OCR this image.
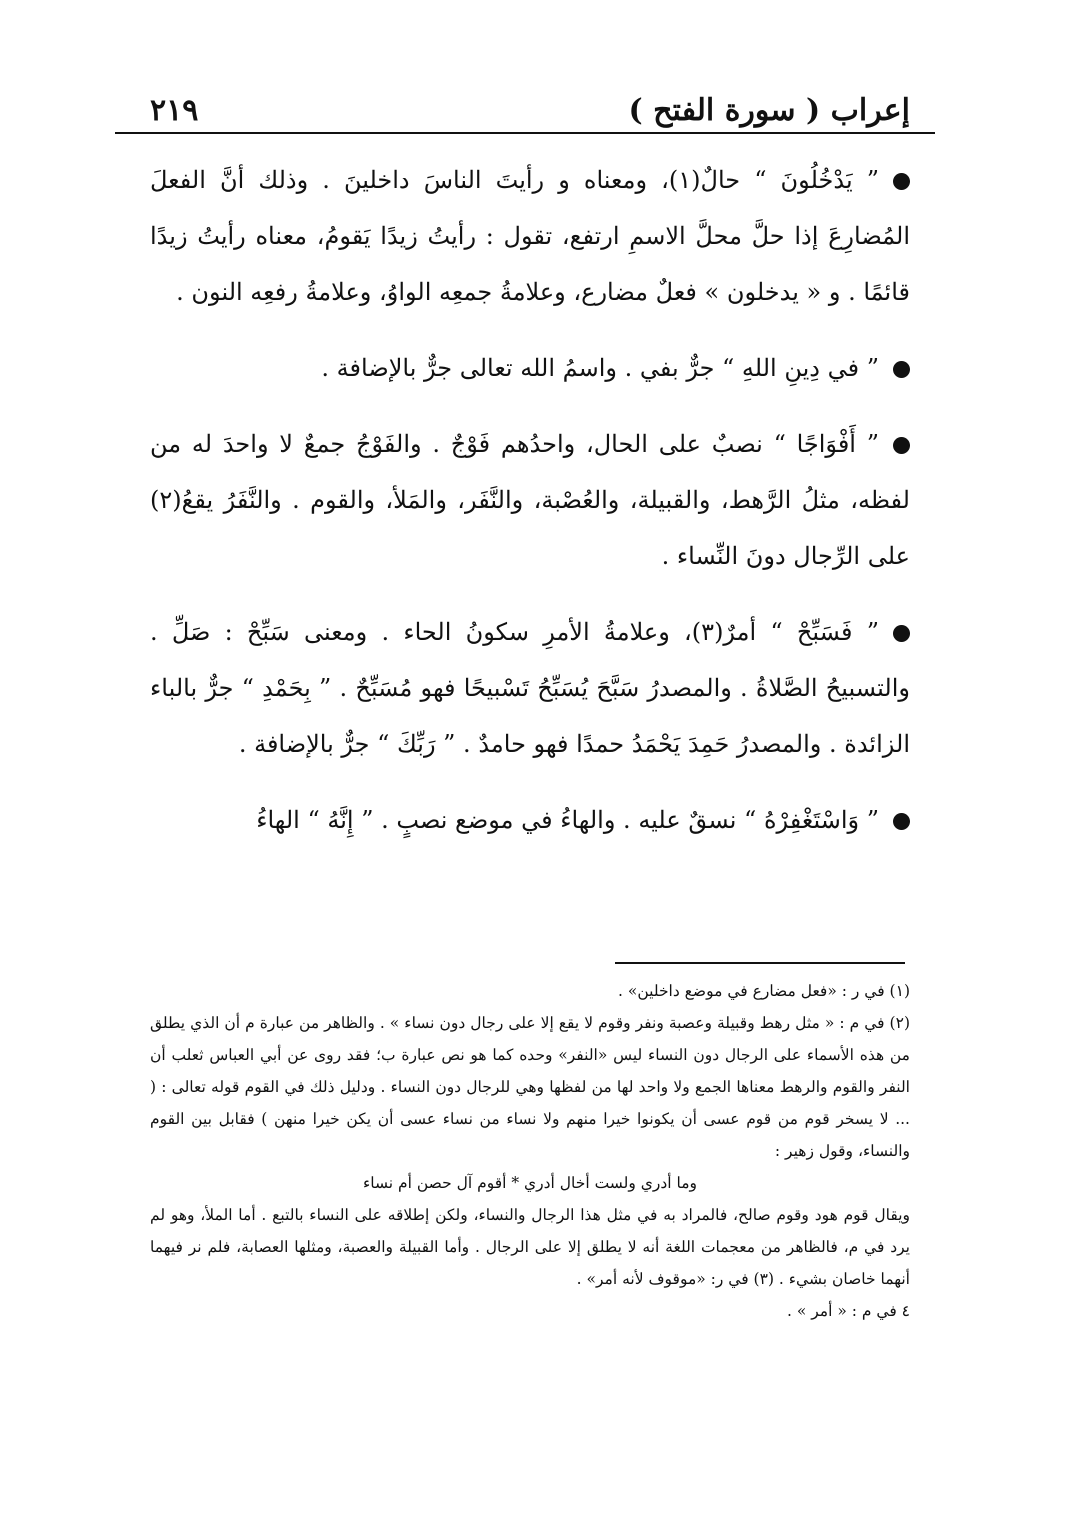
إعراب ( سورة الفتح )
٢١٩

” يَدْخُلُونَ “ حالٌ(١)، ومعناه و رأيتَ الناسَ داخلينَ . وذلك أنَّ الفعلَ المُضارِعَ إذا حلَّ محلَّ الاسمِ ارتفع، تقول : رأيتُ زيدًا يَقومُ، معناه رأيتُ زيدًا قائمًا . و « يدخلون » فعلٌ مضارع، وعلامةُ جمعِه الواوُ، وعلامةُ رفعِه النون .

” في دِينِ اللهِ “ جرٌّ بفي . واسمُ الله تعالى جرٌّ بالإضافة .

” أَفْوَاجًا “ نصبٌ على الحال، واحدُهم فَوْجٌ . والفَوْجُ جمعٌ لا واحدَ له من لفظه، مثلُ الرَّهط، والقبيلة، والعُصْبة، والنَّفَر، والمَلأ، والقوم . والنَّفَرُ يقعُ(٢) على الرِّجال دونَ النِّساء .

” فَسَبِّحْ “ أمرٌ(٣)، وعلامةُ الأمرِ سكونُ الحاء . ومعنى سَبِّحْ : صَلِّ . والتسبيحُ الصَّلاةُ . والمصدرُ سَبَّحَ يُسَبِّحُ تَسْبيحًا فهو مُسَبِّحٌ . ” بِحَمْدِ “ جرٌّ بالباء الزائدة . والمصدرُ حَمِدَ يَحْمَدُ حمدًا فهو حامدٌ . ” رَبِّكَ “ جرٌّ بالإضافة .

” وَاسْتَغْفِرْهُ “ نسقٌ عليه . والهاءُ في موضع نصبٍ . ” إِنَّهُ “ الهاءُ

(١) في ر : «فعل مضارع في موضع داخلين» .

(٢) في م : « مثل رهط وقبيلة وعصبة ونفر وقوم لا يقع إلا على رجال دون نساء » . والظاهر من عبارة م أن الذي يطلق من هذه الأسماء على الرجال دون النساء ليس «النفر» وحده كما هو نص عبارة ب؛ فقد روى عن أبي العباس ثعلب أن النفر والقوم والرهط معناها الجمع ولا واحد لها من لفظها وهي للرجال دون النساء . ودليل ذلك في القوم قوله تعالى : ( ... لا يسخر قوم من قوم عسى أن يكونوا خيرا منهم ولا نساء من نساء عسى أن يكن خيرا منهن ) فقابل بين القوم والنساء، وقول زهير :

وما أدري ولست أخال أدري * أقوم آل حصن أم نساء

ويقال قوم هود وقوم صالح، فالمراد به في مثل هذا الرجال والنساء، ولكن إطلاقه على النساء بالتبع . أما الملأ، وهو لم يرد في م، فالظاهر من معجمات اللغة أنه لا يطلق إلا على الرجال . وأما القبيلة والعصبة، ومثلها العصابة، فلم نر فيهما أنهما خاصان بشيء . (٣) في ر: «موقوف لأنه أمر» .

٤ في م : « أمر » .
